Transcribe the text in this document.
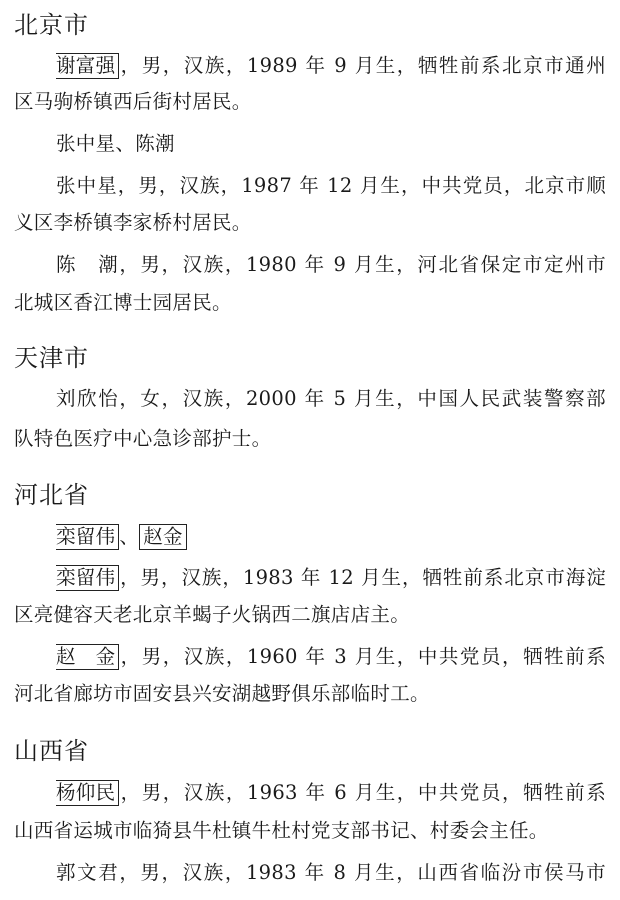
北京市
谢富强 ，男，汉族，1989 年 9 月生，牺牲前系北京市通州
区马驹桥镇西后街村居民。
张中星、陈潮
张中星，男，汉族，1987 年 12 月生，中共党员，北京市顺
义区李桥镇李家桥村居民。
陈　潮，男，汉族，1980 年 9 月生，河北省保定市定州市
北城区香江博士园居民。
天津市
刘欣怡，女，汉族，2000 年 5 月生，中国人民武装警察部
队特色医疗中心急诊部护士。
河北省
栾留伟 、 赵金
栾留伟 ，男，汉族，1983 年 12 月生，牺牲前系北京市海淀
区亮健容天老北京羊蝎子火锅西二旗店店主。
赵　金 ，男，汉族，1960 年 3 月生，中共党员，牺牲前系
河北省廊坊市固安县兴安湖越野俱乐部临时工。
山西省
杨仰民 ，男，汉族，1963 年 6 月生，中共党员，牺牲前系
山西省运城市临猗县牛杜镇牛杜村党支部书记、村委会主任。
郭文君，男，汉族，1983 年 8 月生，山西省临汾市侯马市
